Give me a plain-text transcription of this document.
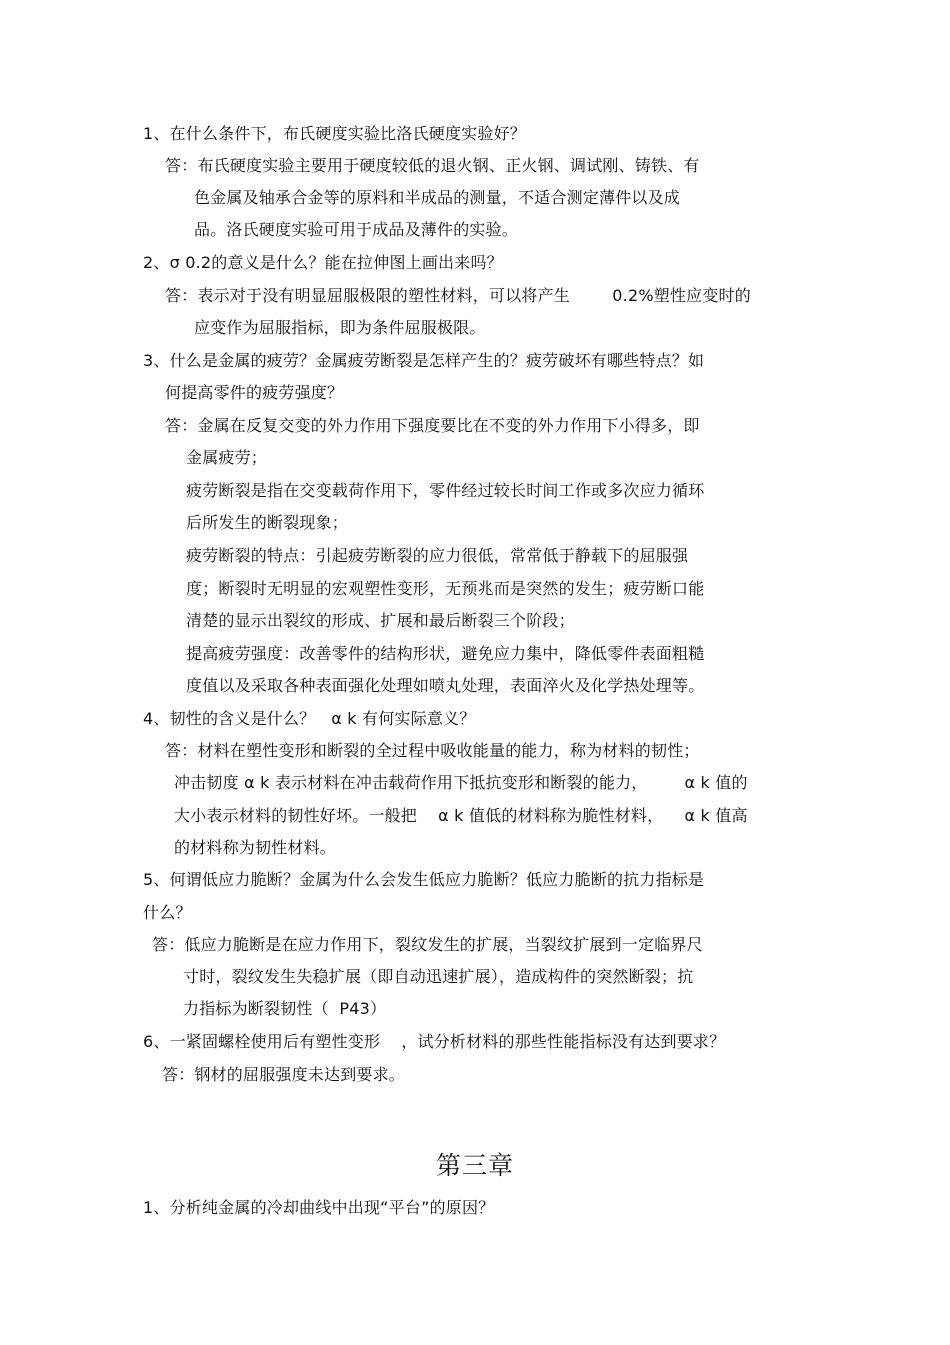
1、在什么条件下，布氏硬度实验比洛氏硬度实验好？
答：布氏硬度实验主要用于硬度较低的退火钢、正火钢、调试刚、铸铁、有
色金属及轴承合金等的原料和半成品的测量，不适合测定薄件以及成
品。洛氏硬度实验可用于成品及薄件的实验。
2、σ 0.2的意义是什么？能在拉伸图上画出来吗？
答：表示对于没有明显屈服极限的塑性材料，可以将产生        0.2%塑性应变时的
应变作为屈服指标，即为条件屈服极限。
3、什么是金属的疲劳？金属疲劳断裂是怎样产生的？疲劳破坏有哪些特点？如
何提高零件的疲劳强度？
答：金属在反复交变的外力作用下强度要比在不变的外力作用下小得多，即
金属疲劳；
疲劳断裂是指在交变载荷作用下，零件经过较长时间工作或多次应力循环
后所发生的断裂现象；
疲劳断裂的特点：引起疲劳断裂的应力很低，常常低于静载下的屈服强
度；断裂时无明显的宏观塑性变形，无预兆而是突然的发生；疲劳断口能
清楚的显示出裂纹的形成、扩展和最后断裂三个阶段；
提高疲劳强度：改善零件的结构形状，避免应力集中，降低零件表面粗糙
度值以及采取各种表面强化处理如喷丸处理，表面淬火及化学热处理等。
4、韧性的含义是什么？   α k 有何实际意义？
答：材料在塑性变形和断裂的全过程中吸收能量的能力，称为材料的韧性；
冲击韧度 α k 表示材料在冲击载荷作用下抵抗变形和断裂的能力，       α k 值的
大小表示材料的韧性好坏。一般把    α k 值低的材料称为脆性材料，    α k 值高
的材料称为韧性材料。
5、何谓低应力脆断？金属为什么会发生低应力脆断？低应力脆断的抗力指标是
什么？
答：低应力脆断是在应力作用下，裂纹发生的扩展，当裂纹扩展到一定临界尺
寸时，裂纹发生失稳扩展（即自动迅速扩展），造成构件的突然断裂；抗
力指标为断裂韧性（  P43）
6、一紧固螺栓使用后有塑性变形    ，试分析材料的那些性能指标没有达到要求？
答：钢材的屈服强度未达到要求。
第三章
1、分析纯金属的冷却曲线中出现“平台”的原因？
